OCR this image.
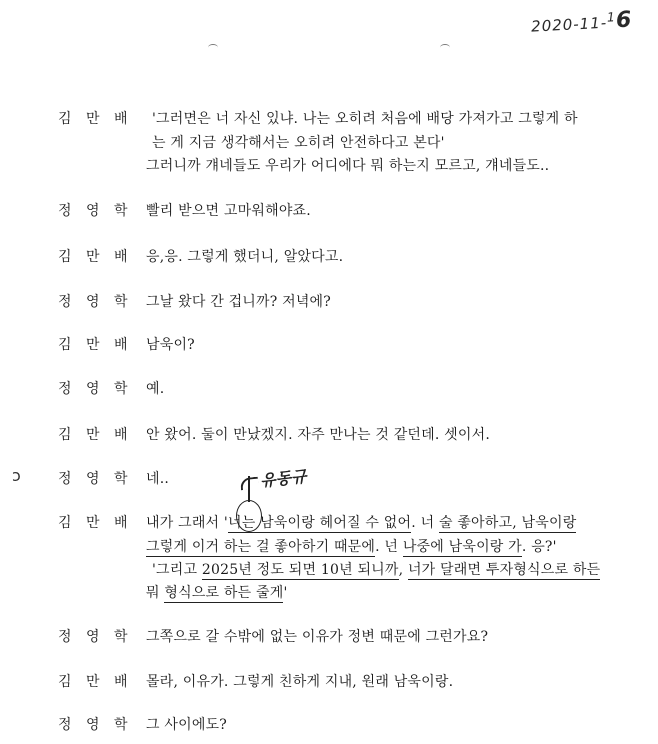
2020-11-$^1$6
김 만 배 '그러면은 너 자신 있냐. 나는 오히려 처음에 배당 가져가고 그렇게 하
는 게 지금 생각해서는 오히려 안전하다고 본다'
그러니까 걔네들도 우리가 어디에다 뭐 하는지 모르고, 걔네들도..
정 영 학 빨리 받으면 고마워해야죠.
김 만 배 응,응. 그렇게 했더니, 알았다고.
정 영 학 그날 왔다 간 겁니까? 저녁에?
김 만 배 남욱이?
정 영 학 예.
김 만 배 안 왔어. 둘이 만났겠지. 자주 만나는 것 같던데. 셋이서.
ↄ	정 영 학 네..	유동규
김 만 배 내가 그래서 '너는 남욱이랑 헤어질 수 없어. 너 술 좋아하고, 남욱이랑
그렇게 이거 하는 걸 좋아하기 때문에. 넌 나중에 남욱이랑 가. 응?'
'그리고 2025년 정도 되면 10년 되니까, 너가 달래면 투자형식으로 하든
뭐 형식으로 하든 줄게'
정 영 학 그쪽으로 갈 수밖에 없는 이유가 정변 때문에 그런가요?
김 만 배 몰라, 이유가. 그렇게 친하게 지내, 원래 남욱이랑.
정 영 학 그 사이에도?
